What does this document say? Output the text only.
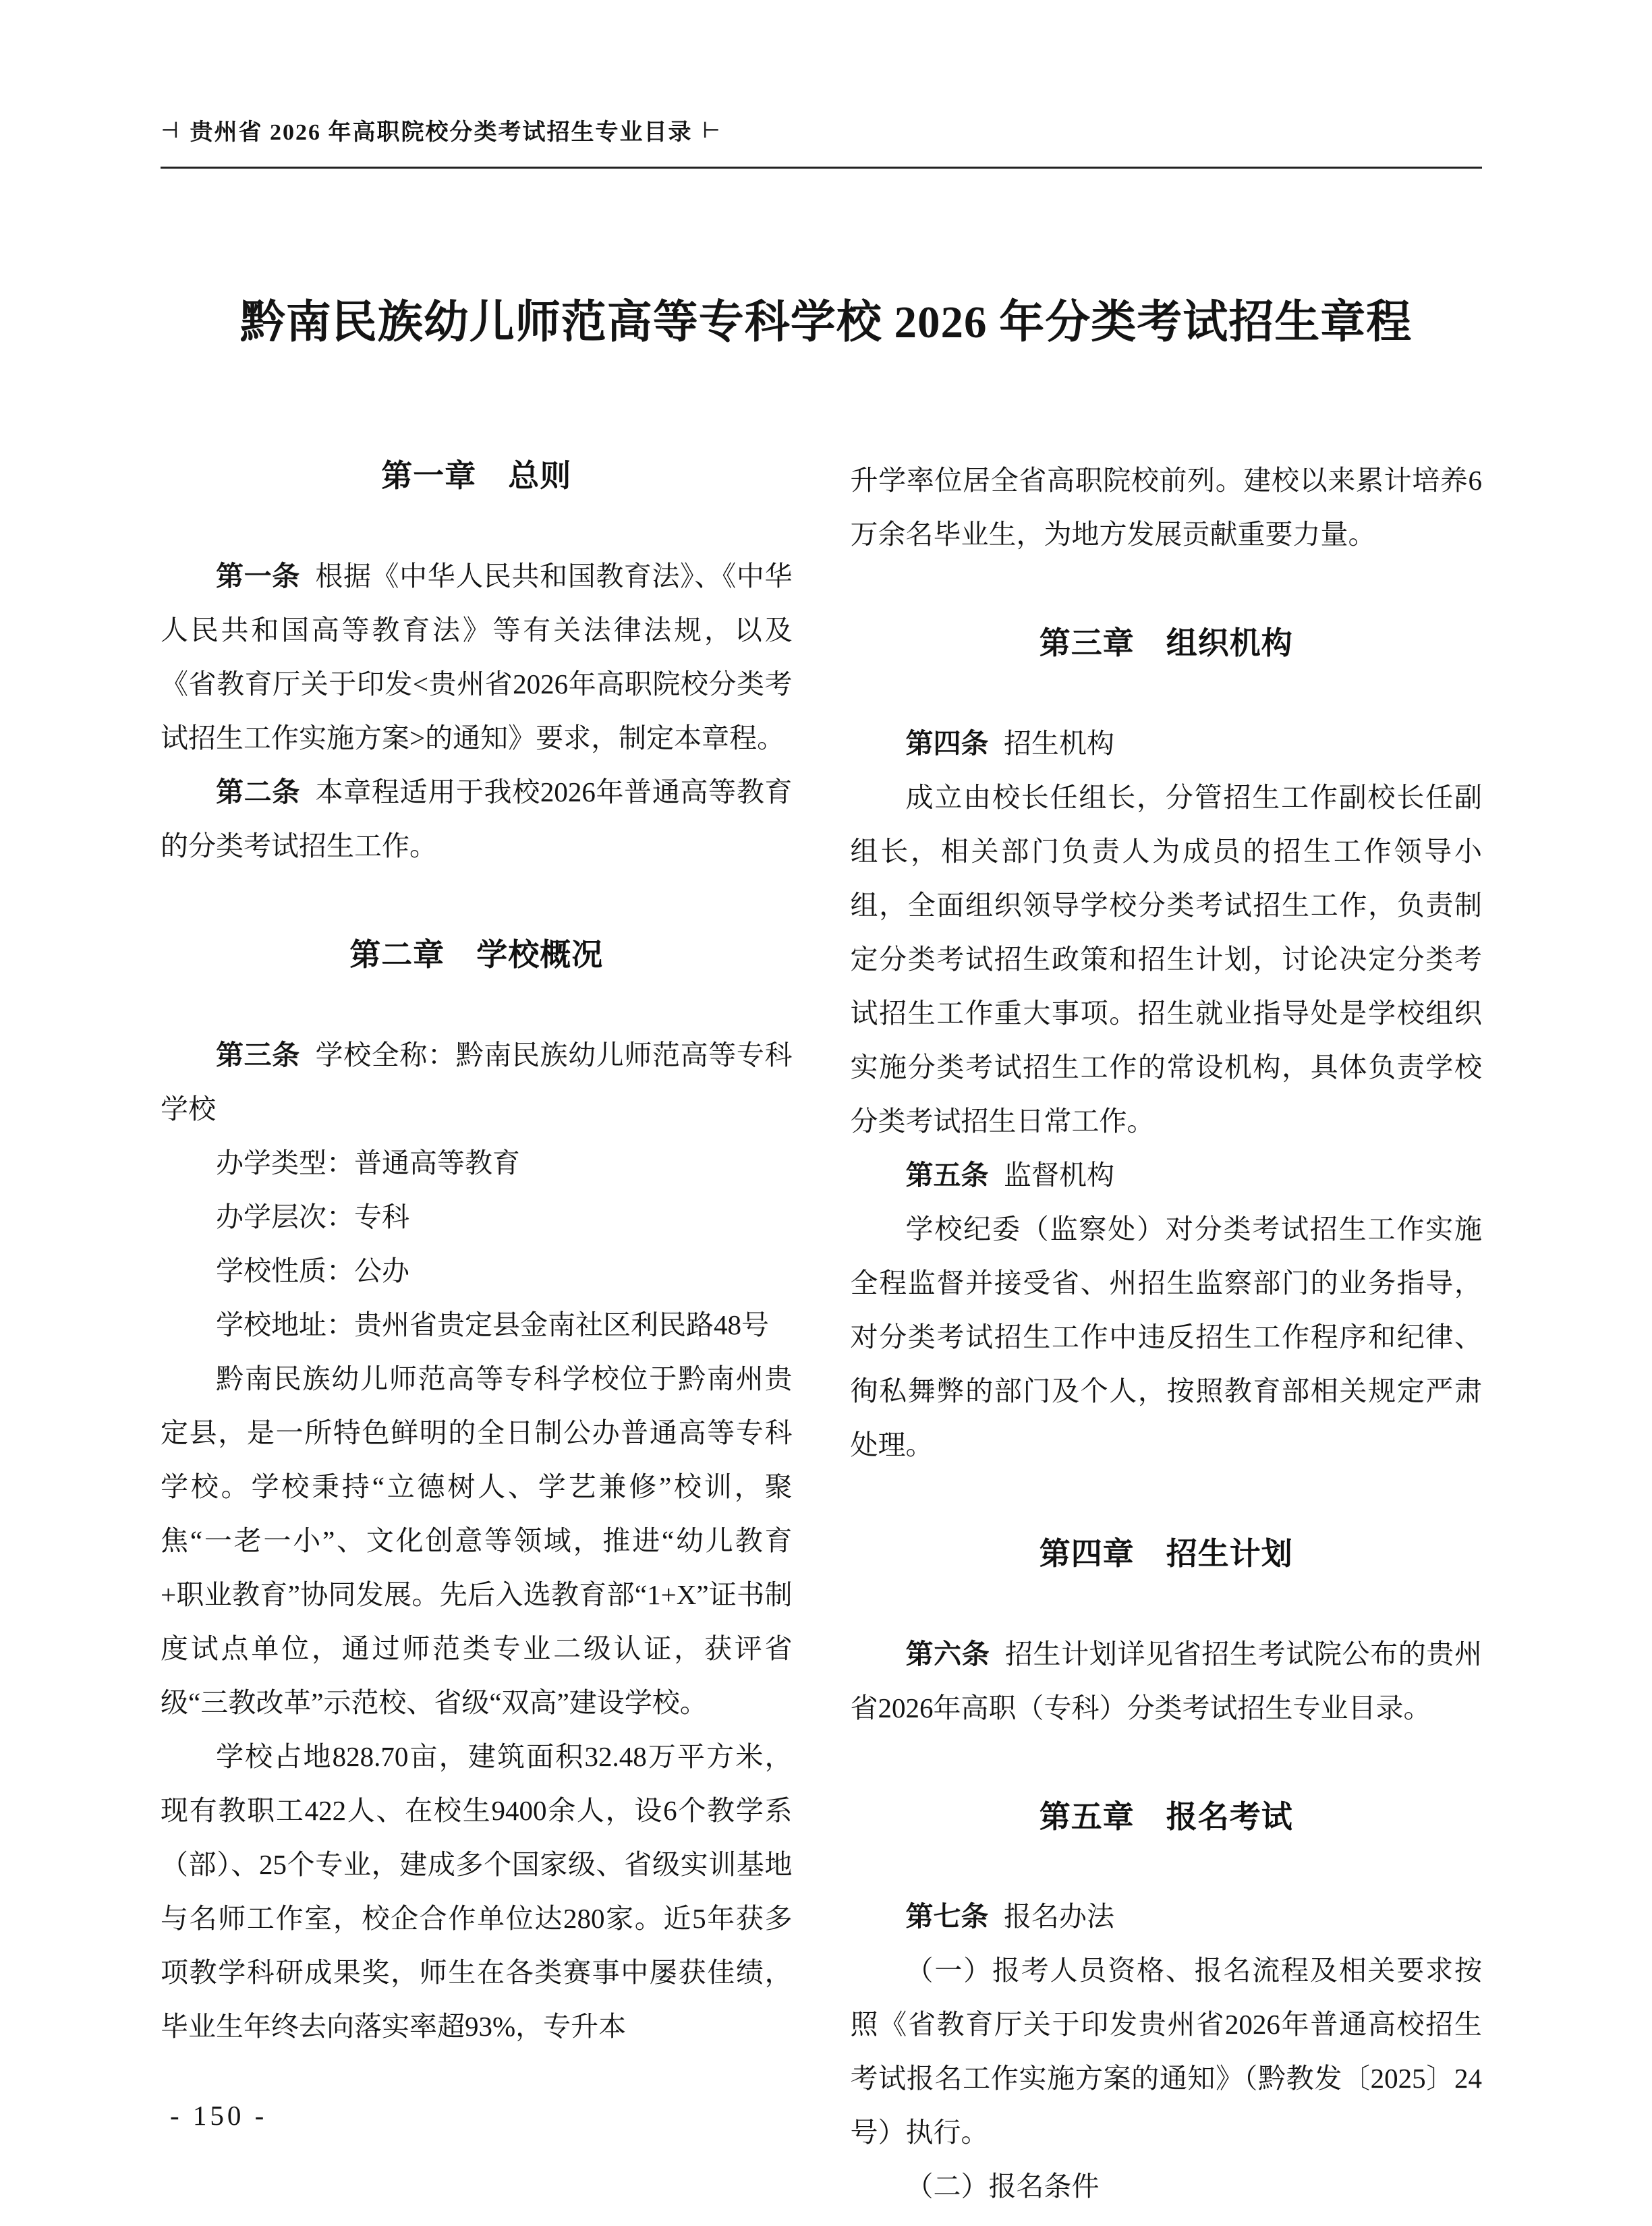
⊣ 贵州省 2026 年高职院校分类考试招生专业目录 ⊢
黔南民族幼儿师范高等专科学校 2026 年分类考试招生章程
第一章　总则

第一条 根据《中华人民共和国教育法》、《中华人民共和国高等教育法》等有关法律法规，以及《省教育厅关于印发<贵州省2026年高职院校分类考试招生工作实施方案>的通知》要求，制定本章程。

第二条 本章程适用于我校2026年普通高等教育的分类考试招生工作。

第二章　学校概况

第三条 学校全称：黔南民族幼儿师范高等专科学校

办学类型：普通高等教育

办学层次：专科

学校性质：公办

学校地址：贵州省贵定县金南社区利民路48号

黔南民族幼儿师范高等专科学校位于黔南州贵定县，是一所特色鲜明的全日制公办普通高等专科学校。学校秉持“立德树人、学艺兼修”校训，聚焦“一老一小”、文化创意等领域，推进“幼儿教育+职业教育”协同发展。先后入选教育部“1+X”证书制度试点单位，通过师范类专业二级认证，获评省级“三教改革”示范校、省级“双高”建设学校。

学校占地828.70亩，建筑面积32.48万平方米，现有教职工422人、在校生9400余人，设6个教学系（部）、25个专业，建成多个国家级、省级实训基地与名师工作室，校企合作单位达280家。近5年获多项教学科研成果奖，师生在各类赛事中屡获佳绩，毕业生年终去向落实率超93%，专升本

升学率位居全省高职院校前列。建校以来累计培养6万余名毕业生，为地方发展贡献重要力量。

第三章　组织机构

第四条 招生机构

成立由校长任组长，分管招生工作副校长任副组长，相关部门负责人为成员的招生工作领导小组，全面组织领导学校分类考试招生工作，负责制定分类考试招生政策和招生计划，讨论决定分类考试招生工作重大事项。招生就业指导处是学校组织实施分类考试招生工作的常设机构，具体负责学校分类考试招生日常工作。

第五条 监督机构

学校纪委（监察处）对分类考试招生工作实施全程监督并接受省、州招生监察部门的业务指导，对分类考试招生工作中违反招生工作程序和纪律、徇私舞弊的部门及个人，按照教育部相关规定严肃处理。

第四章　招生计划

第六条 招生计划详见省招生考试院公布的贵州省2026年高职（专科）分类考试招生专业目录。

第五章　报名考试

第七条 报名办法

（一）报考人员资格、报名流程及相关要求按照《省教育厅关于印发贵州省2026年普通高校招生考试报名工作实施方案的通知》（黔教发〔2025〕24号）执行。

（二）报名条件

- 150 -
